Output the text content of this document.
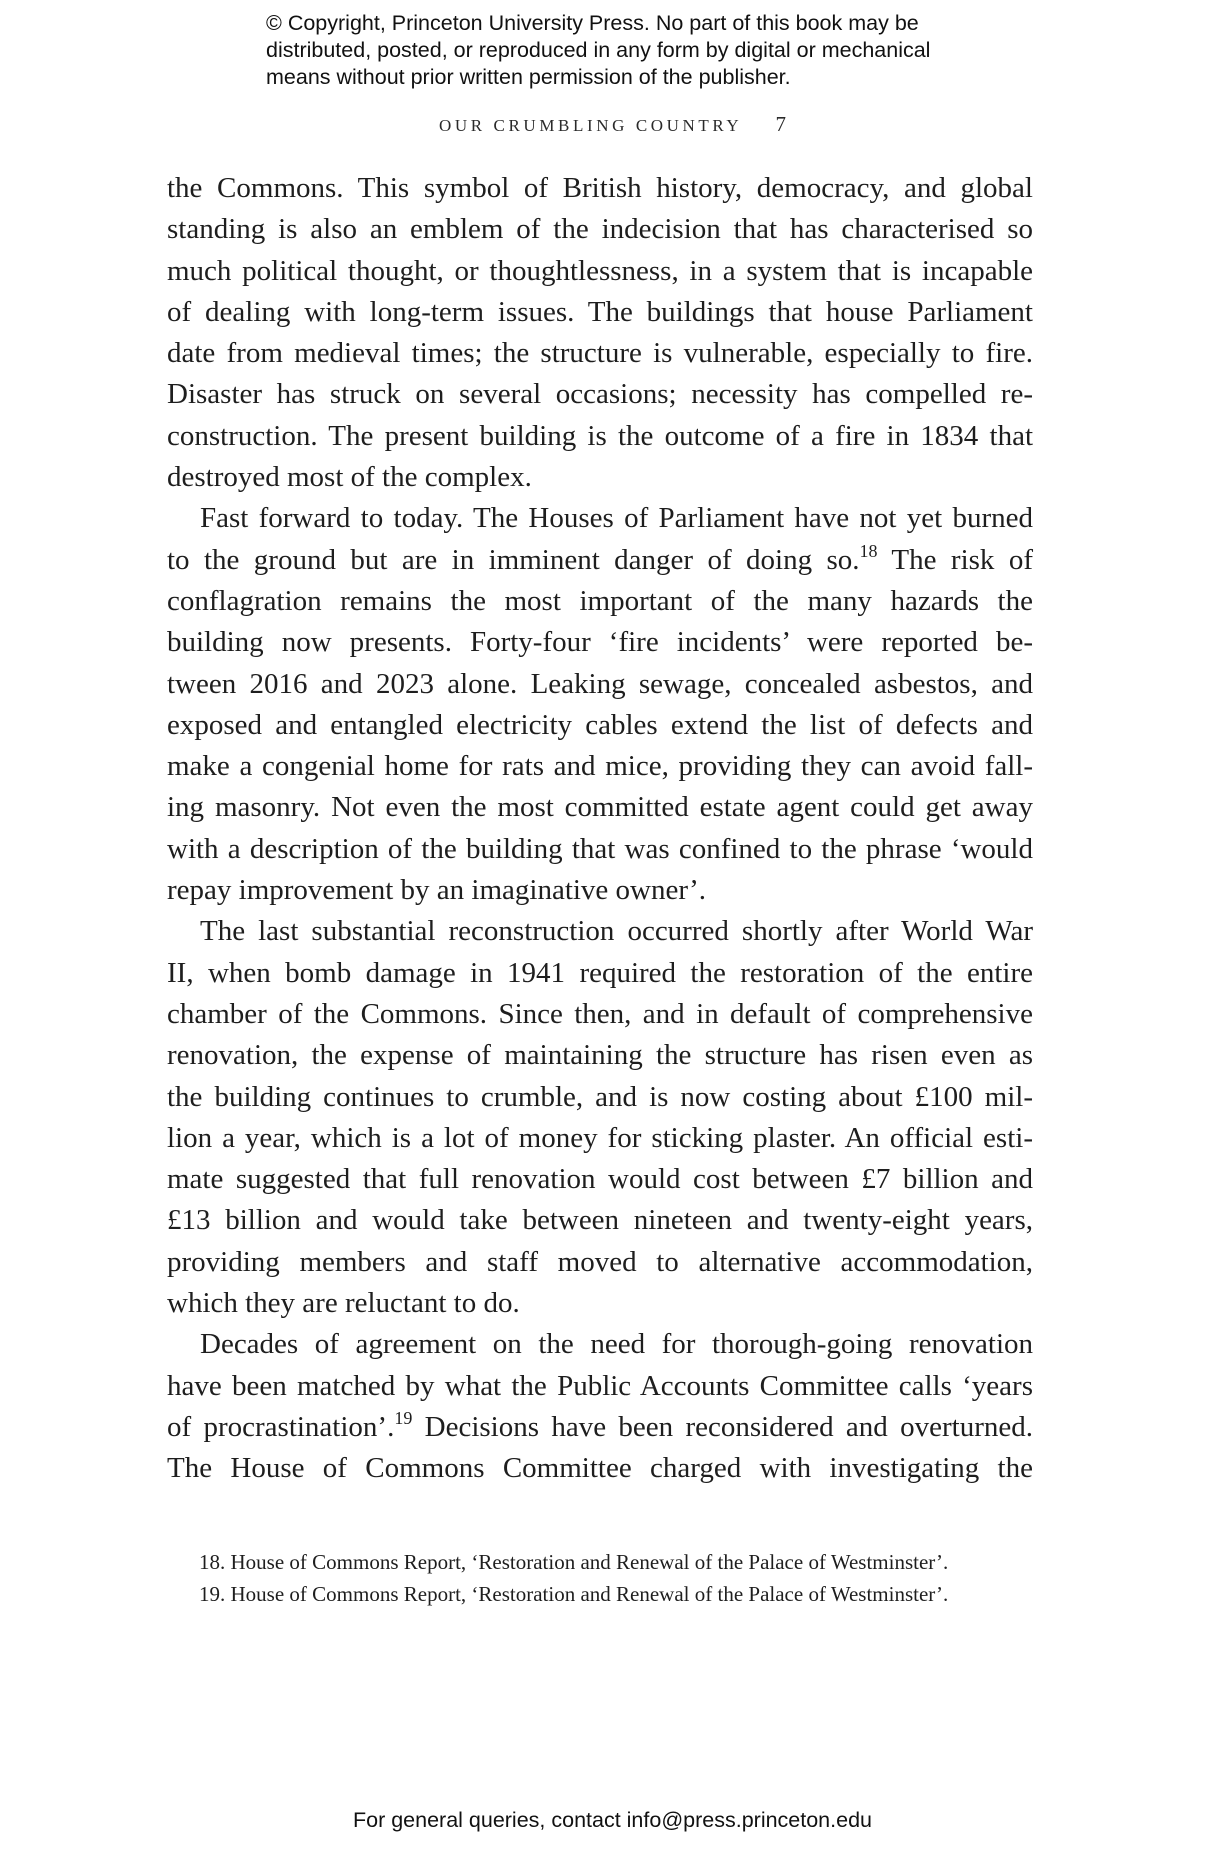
© Copyright, Princeton University Press. No part of this book may be
distributed, posted, or reproduced in any form by digital or mechanical
means without prior written permission of the publisher.
OUR CRUMBLING COUNTRY 7
the Commons. This symbol of British history, democracy, and global
standing is also an emblem of the indecision that has characterised so
much political thought, or thoughtlessness, in a system that is incapable
of dealing with long-term issues. The buildings that house Parliament
date from medieval times; the structure is vulnerable, especially to fire.
Disaster has struck on several occasions; necessity has compelled re-
construction. The present building is the outcome of a fire in 1834 that
destroyed most of the complex.
Fast forward to today. The Houses of Parliament have not yet burned
to the ground but are in imminent danger of doing so.$^{18}$ The risk of
conflagration remains the most important of the many hazards the
building now presents. Forty-four ‘fire incidents’ were reported be-
tween 2016 and 2023 alone. Leaking sewage, concealed asbestos, and
exposed and entangled electricity cables extend the list of defects and
make a congenial home for rats and mice, providing they can avoid fall-
ing masonry. Not even the most committed estate agent could get away
with a description of the building that was confined to the phrase ‘would
repay improvement by an imaginative owner’.
The last substantial reconstruction occurred shortly after World War
II, when bomb damage in 1941 required the restoration of the entire
chamber of the Commons. Since then, and in default of comprehensive
renovation, the expense of maintaining the structure has risen even as
the building continues to crumble, and is now costing about £100 mil-
lion a year, which is a lot of money for sticking plaster. An official esti-
mate suggested that full renovation would cost between £7 billion and
£13 billion and would take between nineteen and twenty-eight years,
providing members and staff moved to alternative accommodation,
which they are reluctant to do.
Decades of agreement on the need for thorough-going renovation
have been matched by what the Public Accounts Committee calls ‘years
of procrastination’.$^{19}$ Decisions have been reconsidered and overturned.
The House of Commons Committee charged with investigating the
18. House of Commons Report, ‘Restoration and Renewal of the Palace of Westminster’.
19. House of Commons Report, ‘Restoration and Renewal of the Palace of Westminster’.
For general queries, contact info@press.princeton.edu
